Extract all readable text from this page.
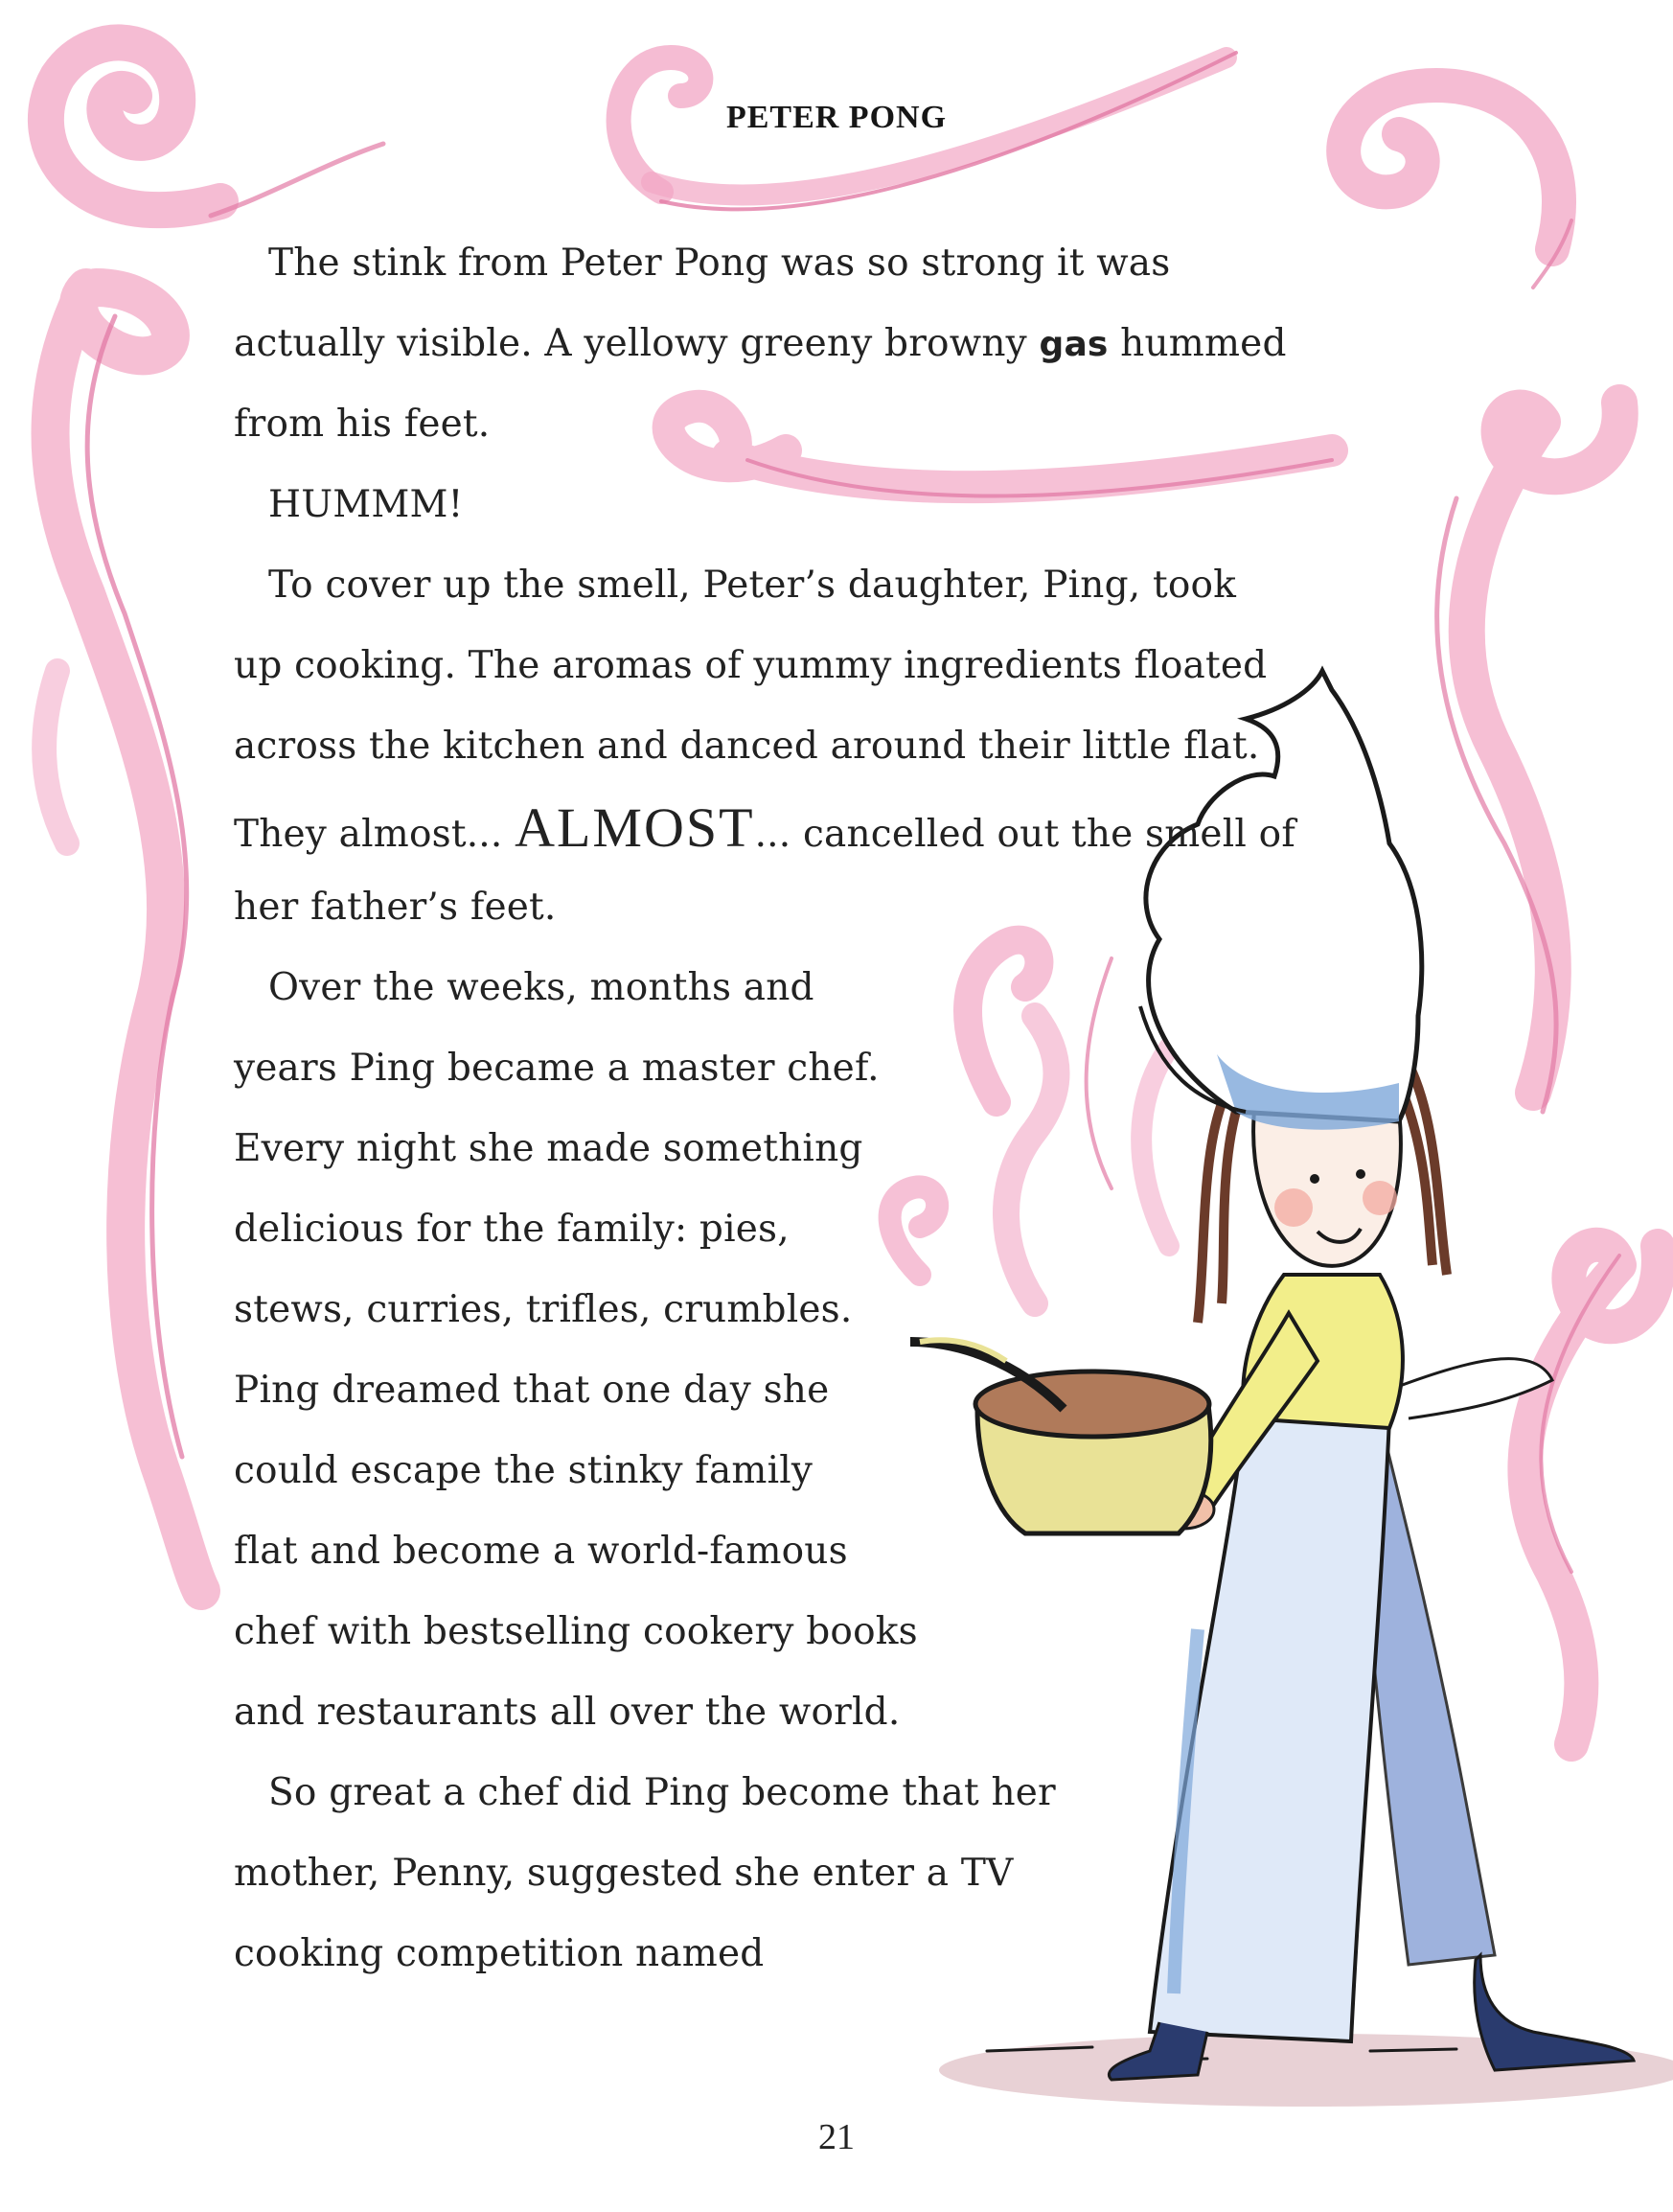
PETER PONG
The stink from Peter Pong was so strong it was
actually visible. A yellowy greeny browny gas hummed
from his feet.
HUMMM!
To cover up the smell, Peter’s daughter, Ping, took
up cooking. The aromas of yummy ingredients floated
across the kitchen and danced around their little flat.
They almost... ALMOST... cancelled out the smell of
her father’s feet.
Over the weeks, months and
years Ping became a master chef.
Every night she made something
delicious for the family: pies,
stews, curries, trifles, crumbles.
Ping dreamed that one day she
could escape the stinky family
flat and become a world-famous
chef with bestselling cookery books
and restaurants all over the world.
So great a chef did Ping become that her
mother, Penny, suggested she enter a TV
cooking competition named
21
